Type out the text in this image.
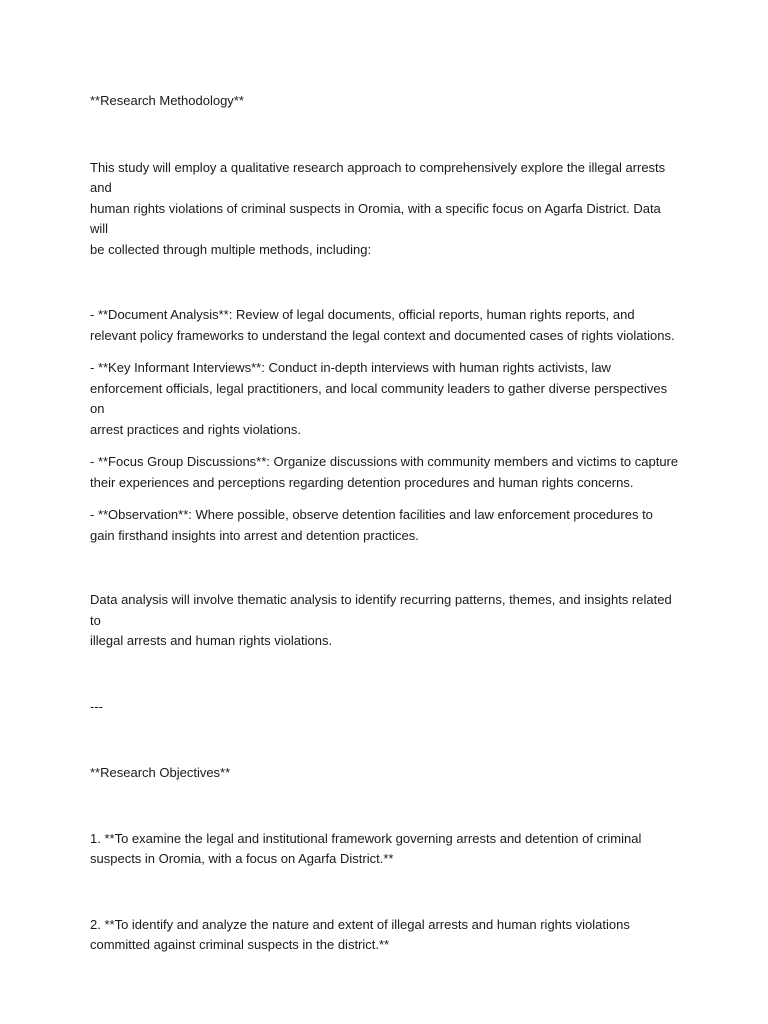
**Research Methodology**

This study will employ a qualitative research approach to comprehensively explore the illegal arrests and
human rights violations of criminal suspects in Oromia, with a specific focus on Agarfa District. Data will
be collected through multiple methods, including:

- **Document Analysis**: Review of legal documents, official reports, human rights reports, and
relevant policy frameworks to understand the legal context and documented cases of rights violations.

- **Key Informant Interviews**: Conduct in-depth interviews with human rights activists, law
enforcement officials, legal practitioners, and local community leaders to gather diverse perspectives on
arrest practices and rights violations.

- **Focus Group Discussions**: Organize discussions with community members and victims to capture
their experiences and perceptions regarding detention procedures and human rights concerns.

- **Observation**: Where possible, observe detention facilities and law enforcement procedures to
gain firsthand insights into arrest and detention practices.

Data analysis will involve thematic analysis to identify recurring patterns, themes, and insights related to
illegal arrests and human rights violations.

---

**Research Objectives**

1. **To examine the legal and institutional framework governing arrests and detention of criminal
suspects in Oromia, with a focus on Agarfa District.**

2. **To identify and analyze the nature and extent of illegal arrests and human rights violations
committed against criminal suspects in the district.**
